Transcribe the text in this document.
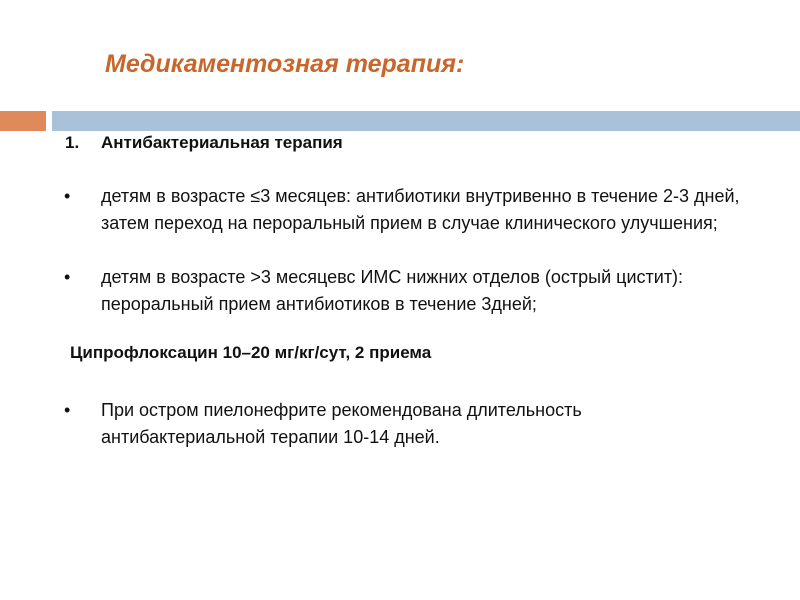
Медикаментозная терапия:
1. Антибактериальная терапия
•	детям в возрасте ≤3 месяцев: антибиотики внутривенно в течение 2-3 дней, затем переход на пероральный прием в случае клинического улучшения;
•	детям в возрасте >3 месяцевс ИМС нижних отделов (острый цистит): пероральный прием антибиотиков в течение 3дней;
Ципрофлоксацин 10–20 мг/кг/сут, 2 приема
•	При остром пиелонефрите рекомендована длительность антибактериальной терапии 10-14 дней.
